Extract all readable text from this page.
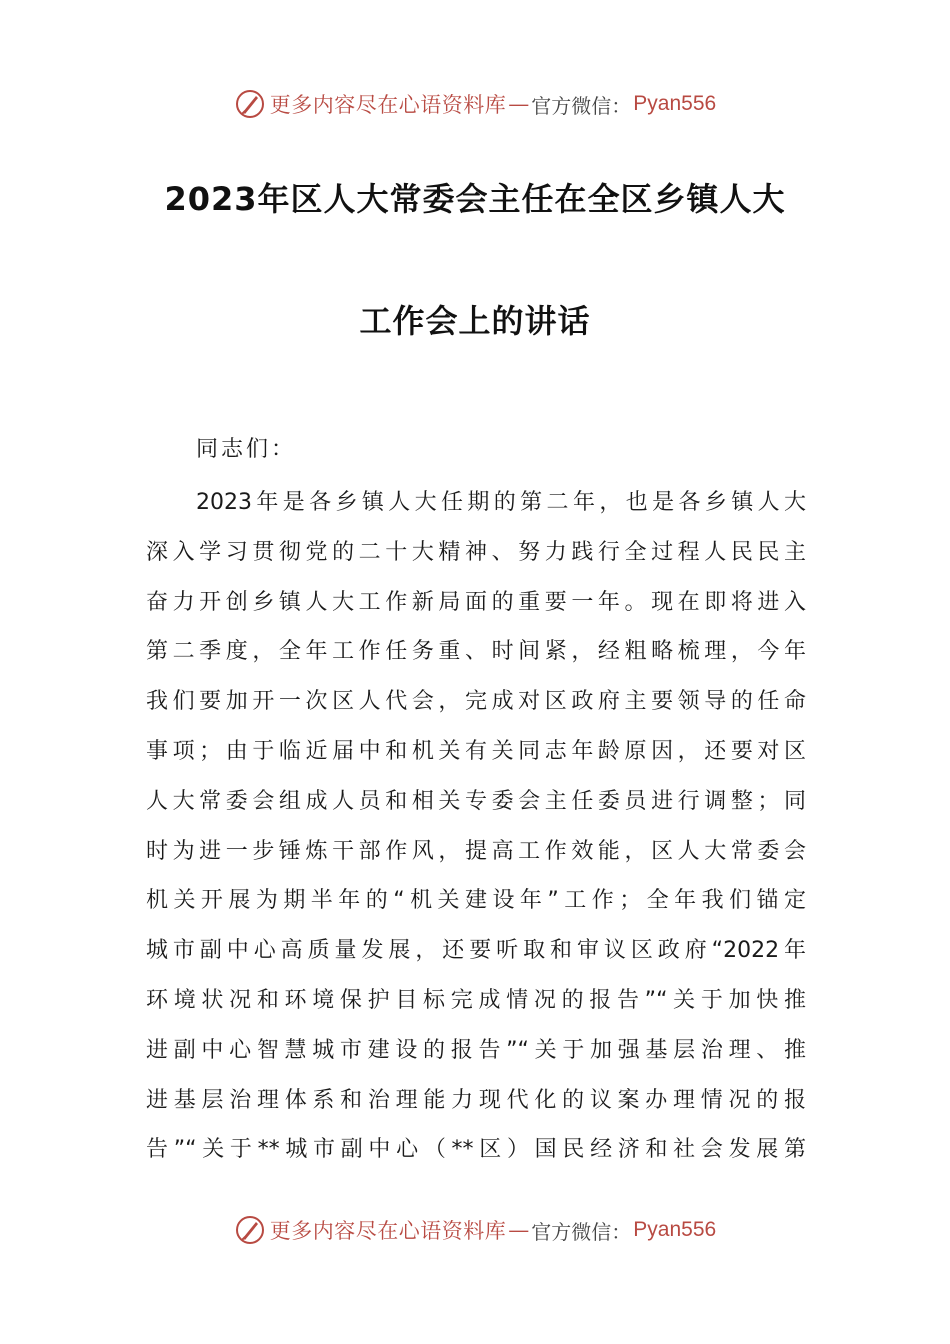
更多内容尽在心语资料库 — 官方微信： Pyan556
2023年区人大常委会主任在全区乡镇人大
工作会上的讲话
同志们：
2023年是各乡镇人大任期的第二年，也是各乡镇人大
深入学习贯彻党的二十大精神、努力践行全过程人民民主
奋力开创乡镇人大工作新局面的重要一年。现在即将进入
第二季度，全年工作任务重、时间紧，经粗略梳理，今年
我们要加开一次区人代会，完成对区政府主要领导的任命
事项；由于临近届中和机关有关同志年龄原因，还要对区
人大常委会组成人员和相关专委会主任委员进行调整；同
时为进一步锤炼干部作风，提高工作效能，区人大常委会
机关开展为期半年的“机关建设年”工作；全年我们锚定
城市副中心高质量发展，还要听取和审议区政府“2022年
环境状况和环境保护目标完成情况的报告”“关于加快推
进副中心智慧城市建设的报告”“关于加强基层治理、推
进基层治理体系和治理能力现代化的议案办理情况的报
告”“关于**城市副中心（**区）国民经济和社会发展第
更多内容尽在心语资料库 — 官方微信： Pyan556
